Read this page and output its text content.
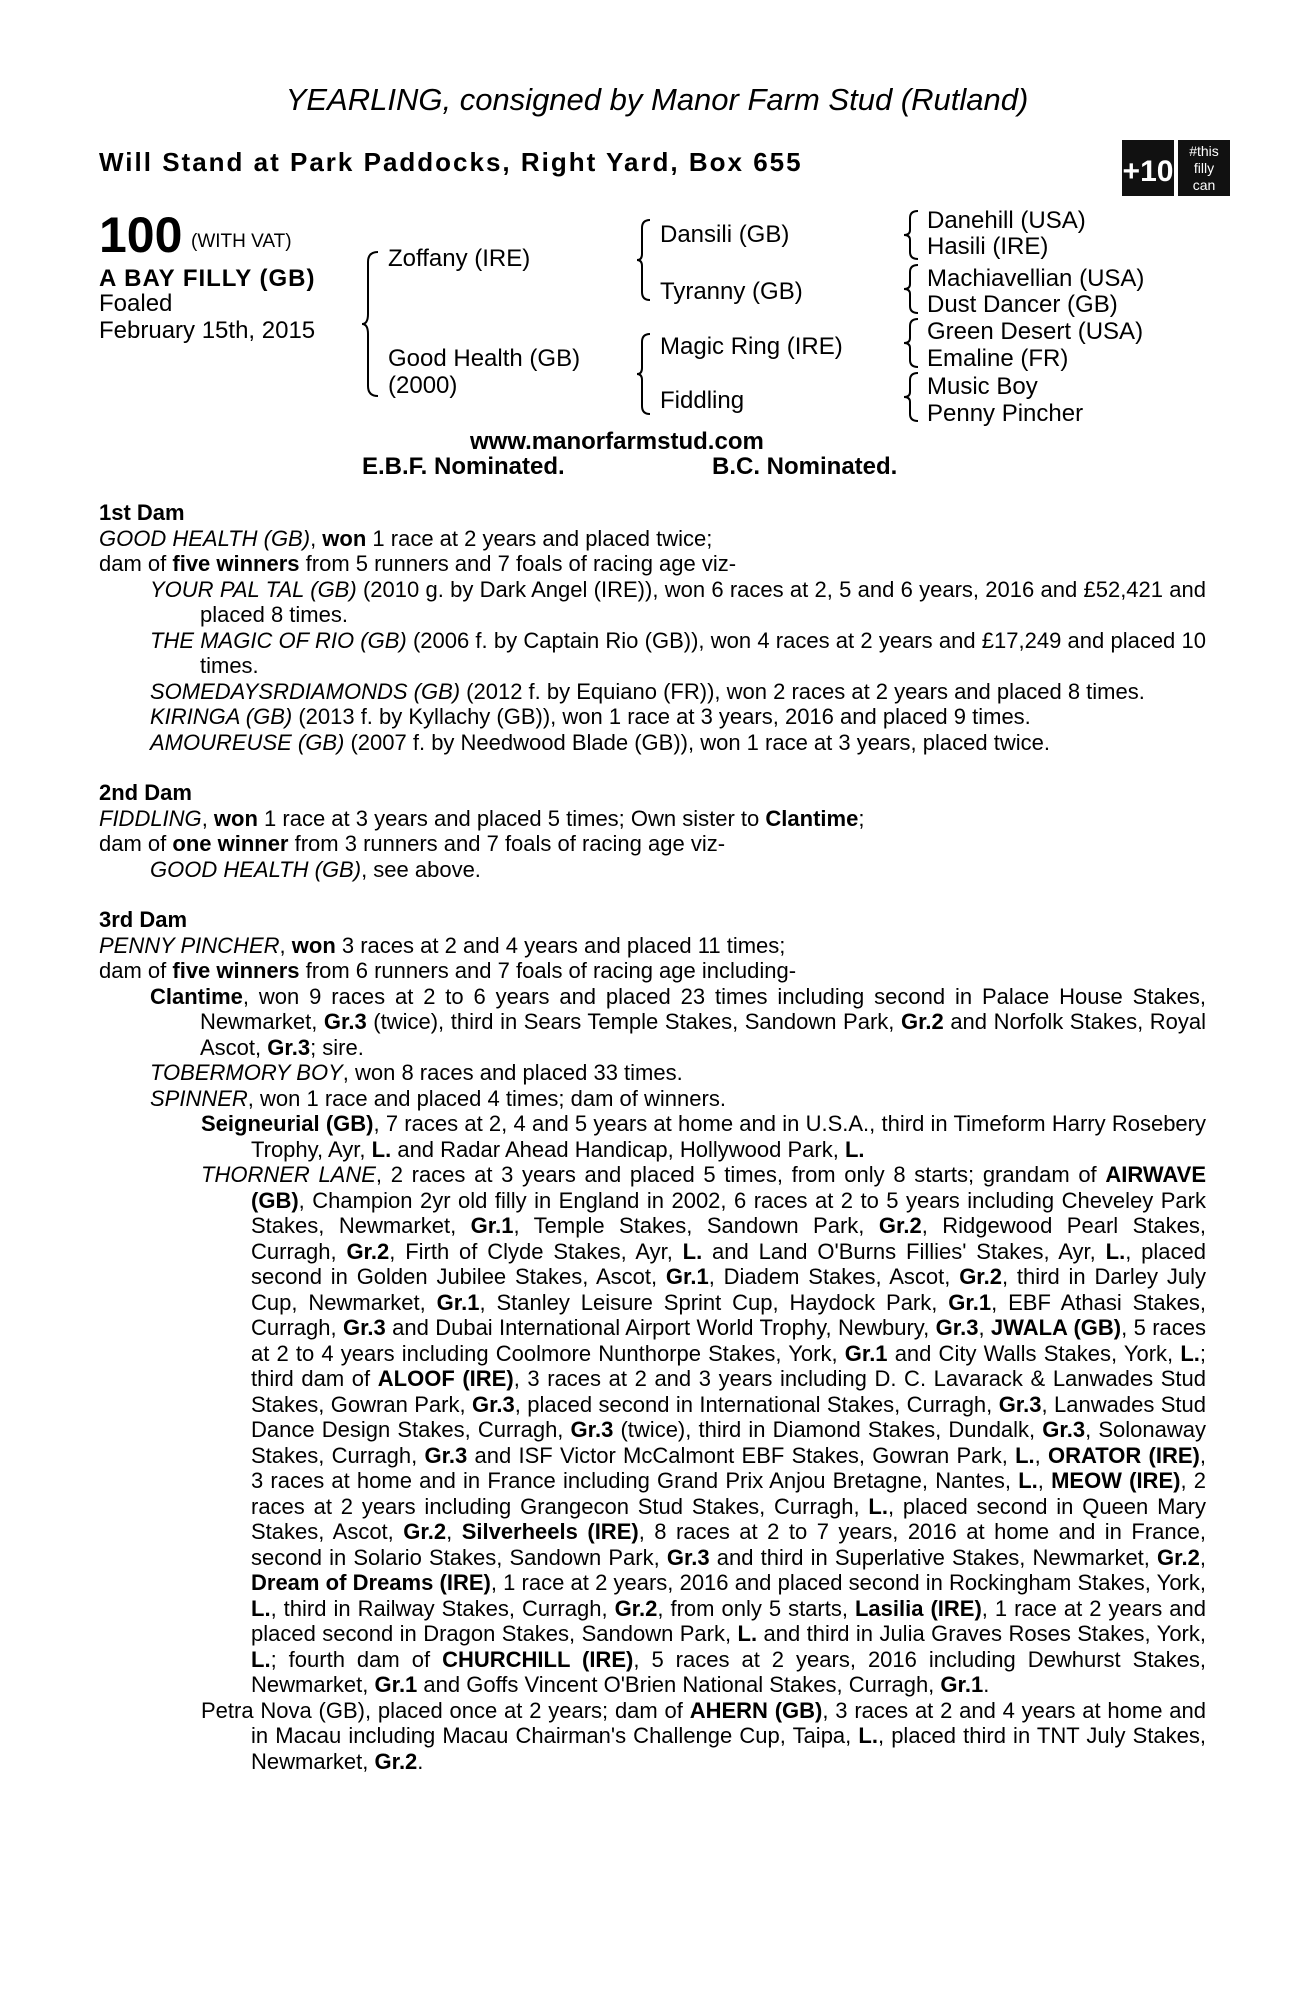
YEARLING, consigned by Manor Farm Stud (Rutland)
Will Stand at Park Paddocks, Right Yard, Box 655	+10
#this
filly
can
100 (WITH VAT)
A BAY FILLY (GB)
Foaled
February 15th, 2015
Zoffany (IRE)
Good Health (GB)
(2000)
Dansili (GB)
Tyranny (GB)
Magic Ring (IRE)
Fiddling
Danehill (USA)
Hasili (IRE)
Machiavellian (USA)
Dust Dancer (GB)
Green Desert (USA)
Emaline (FR)
Music Boy
Penny Pincher
www.manorfarmstud.com
E.B.F. Nominated.	B.C. Nominated.
1st Dam

GOOD HEALTH (GB), won 1 race at 2 years and placed twice;

dam of five winners from 5 runners and 7 foals of racing age viz-

YOUR PAL TAL (GB) (2010 g. by Dark Angel (IRE)), won 6 races at 2, 5 and 6 years, 2016 and £52,421 and placed 8 times.

THE MAGIC OF RIO (GB) (2006 f. by Captain Rio (GB)), won 4 races at 2 years and £17,249 and placed 10 times.

SOMEDAYSRDIAMONDS (GB) (2012 f. by Equiano (FR)), won 2 races at 2 years and placed 8 times.

KIRINGA (GB) (2013 f. by Kyllachy (GB)), won 1 race at 3 years, 2016 and placed 9 times.

AMOUREUSE (GB) (2007 f. by Needwood Blade (GB)), won 1 race at 3 years, placed twice.

2nd Dam

FIDDLING, won 1 race at 3 years and placed 5 times; Own sister to Clantime;

dam of one winner from 3 runners and 7 foals of racing age viz-

GOOD HEALTH (GB), see above.

3rd Dam

PENNY PINCHER, won 3 races at 2 and 4 years and placed 11 times;

dam of five winners from 6 runners and 7 foals of racing age including-

Clantime, won 9 races at 2 to 6 years and placed 23 times including second in Palace House Stakes, Newmarket, Gr.3 (twice), third in Sears Temple Stakes, Sandown Park, Gr.2 and Norfolk Stakes, Royal Ascot, Gr.3; sire.

TOBERMORY BOY, won 8 races and placed 33 times.

SPINNER, won 1 race and placed 4 times; dam of winners.

Seigneurial (GB), 7 races at 2, 4 and 5 years at home and in U.S.A., third in Timeform Harry Rosebery Trophy, Ayr, L. and Radar Ahead Handicap, Hollywood Park, L.

THORNER LANE, 2 races at 3 years and placed 5 times, from only 8 starts; grandam of AIRWAVE (GB), Champion 2yr old filly in England in 2002, 6 races at 2 to 5 years including Cheveley Park Stakes, Newmarket, Gr.1, Temple Stakes, Sandown Park, Gr.2, Ridgewood Pearl Stakes, Curragh, Gr.2, Firth of Clyde Stakes, Ayr, L. and Land O'Burns Fillies' Stakes, Ayr, L., placed second in Golden Jubilee Stakes, Ascot, Gr.1, Diadem Stakes, Ascot, Gr.2, third in Darley July Cup, Newmarket, Gr.1, Stanley Leisure Sprint Cup, Haydock Park, Gr.1, EBF Athasi Stakes, Curragh, Gr.3 and Dubai International Airport World Trophy, Newbury, Gr.3, JWALA (GB), 5 races at 2 to 4 years including Coolmore Nunthorpe Stakes, York, Gr.1 and City Walls Stakes, York, L.; third dam of ALOOF (IRE), 3 races at 2 and 3 years including D. C. Lavarack & Lanwades Stud Stakes, Gowran Park, Gr.3, placed second in International Stakes, Curragh, Gr.3, Lanwades Stud Dance Design Stakes, Curragh, Gr.3 (twice), third in Diamond Stakes, Dundalk, Gr.3, Solonaway Stakes, Curragh, Gr.3 and ISF Victor McCalmont EBF Stakes, Gowran Park, L., ORATOR (IRE), 3 races at home and in France including Grand Prix Anjou Bretagne, Nantes, L., MEOW (IRE), 2 races at 2 years including Grangecon Stud Stakes, Curragh, L., placed second in Queen Mary Stakes, Ascot, Gr.2, Silverheels (IRE), 8 races at 2 to 7 years, 2016 at home and in France, second in Solario Stakes, Sandown Park, Gr.3 and third in Superlative Stakes, Newmarket, Gr.2, Dream of Dreams (IRE), 1 race at 2 years, 2016 and placed second in Rockingham Stakes, York, L., third in Railway Stakes, Curragh, Gr.2, from only 5 starts, Lasilia (IRE), 1 race at 2 years and placed second in Dragon Stakes, Sandown Park, L. and third in Julia Graves Roses Stakes, York, L.; fourth dam of CHURCHILL (IRE), 5 races at 2 years, 2016 including Dewhurst Stakes, Newmarket, Gr.1 and Goffs Vincent O'Brien National Stakes, Curragh, Gr.1.

Petra Nova (GB), placed once at 2 years; dam of AHERN (GB), 3 races at 2 and 4 years at home and in Macau including Macau Chairman's Challenge Cup, Taipa, L., placed third in TNT July Stakes, Newmarket, Gr.2.
